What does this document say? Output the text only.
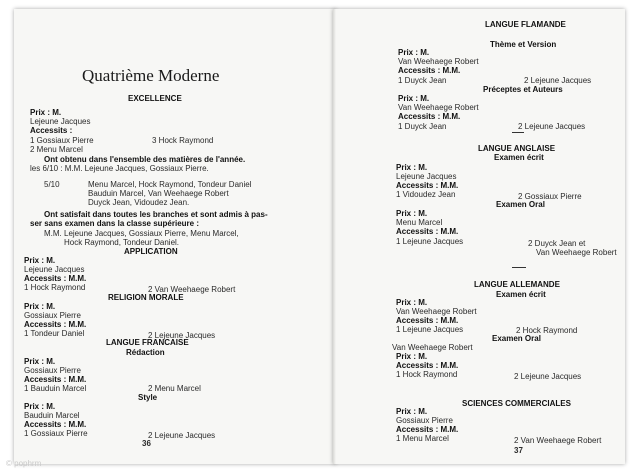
Quatrième Moderne
EXCELLENCE
Prix : M.
Lejeune Jacques
Accessits :
1 Gossiaux Pierre	3 Hock Raymond
2 Menu Marcel
Ont obtenu dans l'ensemble des matières de l'année.
les 6/10 : M.M. Lejeune Jacques, Gossiaux Pierre.
5/10	Menu Marcel, Hock Raymond, Tondeur Daniel
Bauduin Marcel, Van Weehaege Robert
Duyck Jean, Vidoudez Jean.
Ont satisfait dans toutes les branches et sont admis à pas-
ser sans examen dans la classe supérieure :
M.M. Lejeune Jacques, Gossiaux Pierre, Menu Marcel,
Hock Raymond, Tondeur Daniel.
APPLICATION
Prix : M.
Lejeune Jacques
Accessits : M.M.
1 Hock Raymond	2 Van Weehaege Robert
RELIGION MORALE
Prix : M.
Gossiaux Pierre
Accessits : M.M.
1 Tondeur Daniel	2 Lejeune Jacques
LANGUE FRANCAISE
Rédaction
Prix : M.
Gossiaux Pierre
Accessits : M.M.
1 Bauduin Marcel	2 Menu Marcel
Style
Prix : M.
Bauduin Marcel
Accessits : M.M.
1 Gossiaux Pierre	2 Lejeune Jacques
36
LANGUE FLAMANDE
Thème et Version
Prix : M.
Van Weehaege Robert
Accessits : M.M.
1 Duyck Jean	2 Lejeune Jacques
Préceptes et Auteurs
Prix : M.
Van Weehaege Robert
Accessits : M.M.
1 Duyck Jean	2 Lejeune Jacques
LANGUE ANGLAISE
Examen écrit
Prix : M.
Lejeune Jacques
Accessits : M.M.
1 Vidoudez Jean	2 Gossiaux Pierre
Examen Oral
Prix : M.
Menu Marcel
Accessits : M.M.
1 Lejeune Jacques	2 Duyck Jean et
Van Weehaege Robert
LANGUE ALLEMANDE
Examen écrit
Prix : M.
Van Weehaege Robert
Accessits : M.M.
1 Lejeune Jacques	2 Hock Raymond
Examen Oral
Van Weehaege Robert
Prix : M.
Accessits : M.M.
1 Hock Raymond	2 Lejeune Jacques
SCIENCES COMMERCIALES
Prix : M.
Gossiaux Pierre
Accessits : M.M.
1 Menu Marcel	2 Van Weehaege Robert
37
© pophrm
